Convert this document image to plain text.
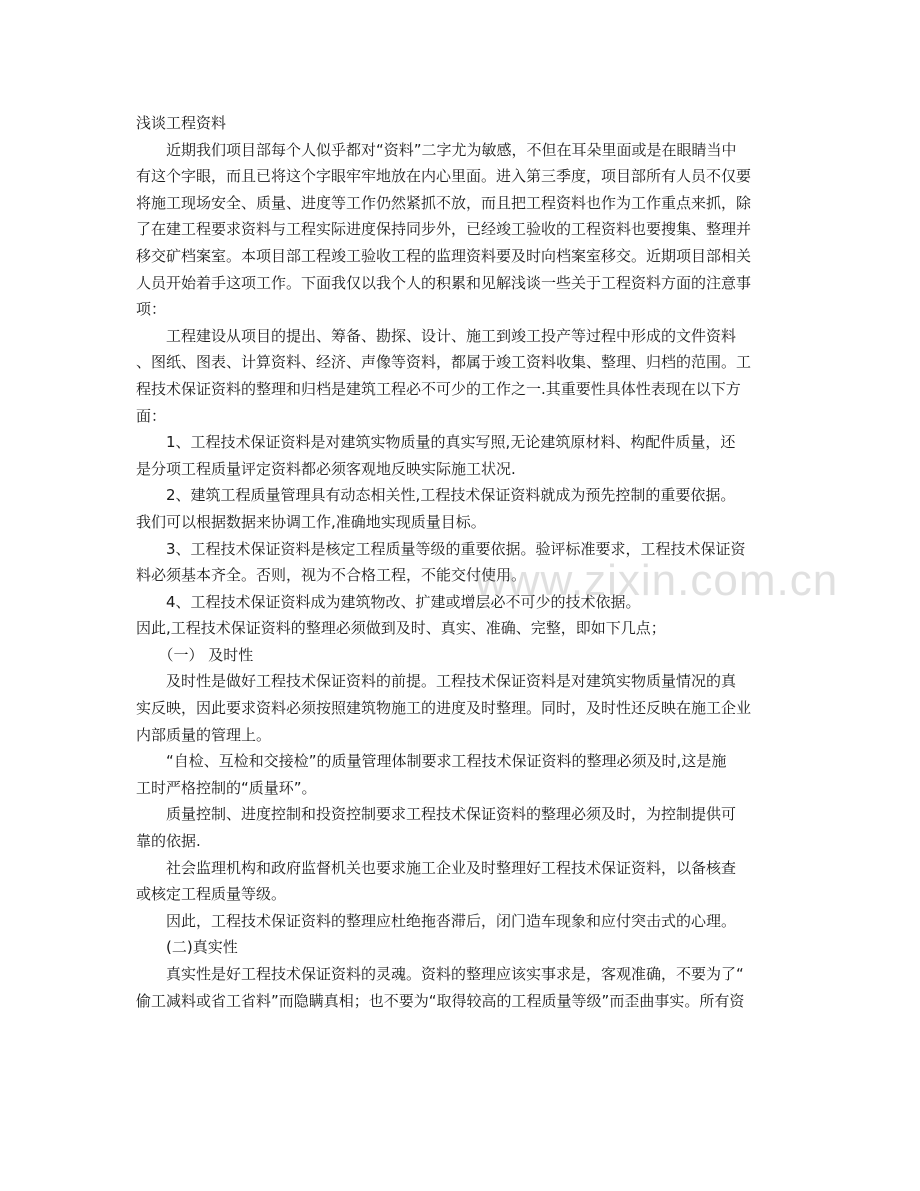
浅谈工程资料
　　近期我们项目部每个人似乎都对“资料”二字尤为敏感，不但在耳朵里面或是在眼睛当中
有这个字眼，而且已将这个字眼牢牢地放在内心里面。进入第三季度，项目部所有人员不仅要
将施工现场安全、质量、进度等工作仍然紧抓不放，而且把工程资料也作为工作重点来抓，除
了在建工程要求资料与工程实际进度保持同步外，已经竣工验收的工程资料也要搜集、整理并
移交矿档案室。本项目部工程竣工验收工程的监理资料要及时向档案室移交。近期项目部相关
人员开始着手这项工作。下面我仅以我个人的积累和见解浅谈一些关于工程资料方面的注意事
项：
　　工程建设从项目的提出、筹备、勘探、设计、施工到竣工投产等过程中形成的文件资料
、图纸、图表、计算资料、经济、声像等资料，都属于竣工资料收集、整理、归档的范围。工
程技术保证资料的整理和归档是建筑工程必不可少的工作之一.其重要性具体性表现在以下方
面：
　　1、工程技术保证资料是对建筑实物质量的真实写照,无论建筑原材料、构配件质量，还
是分项工程质量评定资料都必须客观地反映实际施工状况.
　　2、建筑工程质量管理具有动态相关性,工程技术保证资料就成为预先控制的重要依据。
我们可以根据数据来协调工作,准确地实现质量目标。
　　3、工程技术保证资料是核定工程质量等级的重要依据。验评标准要求，工程技术保证资
料必须基本齐全。否则，视为不合格工程，不能交付使用。
　　4、工程技术保证资料成为建筑物改、扩建或增层必不可少的技术依据。
因此,工程技术保证资料的整理必须做到及时、真实、准确、完整，即如下几点；
　　（一） 及时性
　　及时性是做好工程技术保证资料的前提。工程技术保证资料是对建筑实物质量情况的真
实反映，因此要求资料必须按照建筑物施工的进度及时整理。同时，及时性还反映在施工企业
内部质量的管理上。
　　“自检、互检和交接检”的质量管理体制要求工程技术保证资料的整理必须及时,这是施
工时严格控制的“质量环”。
　　质量控制、进度控制和投资控制要求工程技术保证资料的整理必须及时，为控制提供可
靠的依据.
　　社会监理机构和政府监督机关也要求施工企业及时整理好工程技术保证资料，以备核查
或核定工程质量等级。
　　因此，工程技术保证资料的整理应杜绝拖沓滞后，闭门造车现象和应付突击式的心理。
　　(二)真实性
　　真实性是好工程技术保证资料的灵魂。资料的整理应该实事求是，客观准确，不要为了“
偷工减料或省工省料”而隐瞒真相；也不要为“取得较高的工程质量等级”而歪曲事实。所有资
www.zixin.com.cn
